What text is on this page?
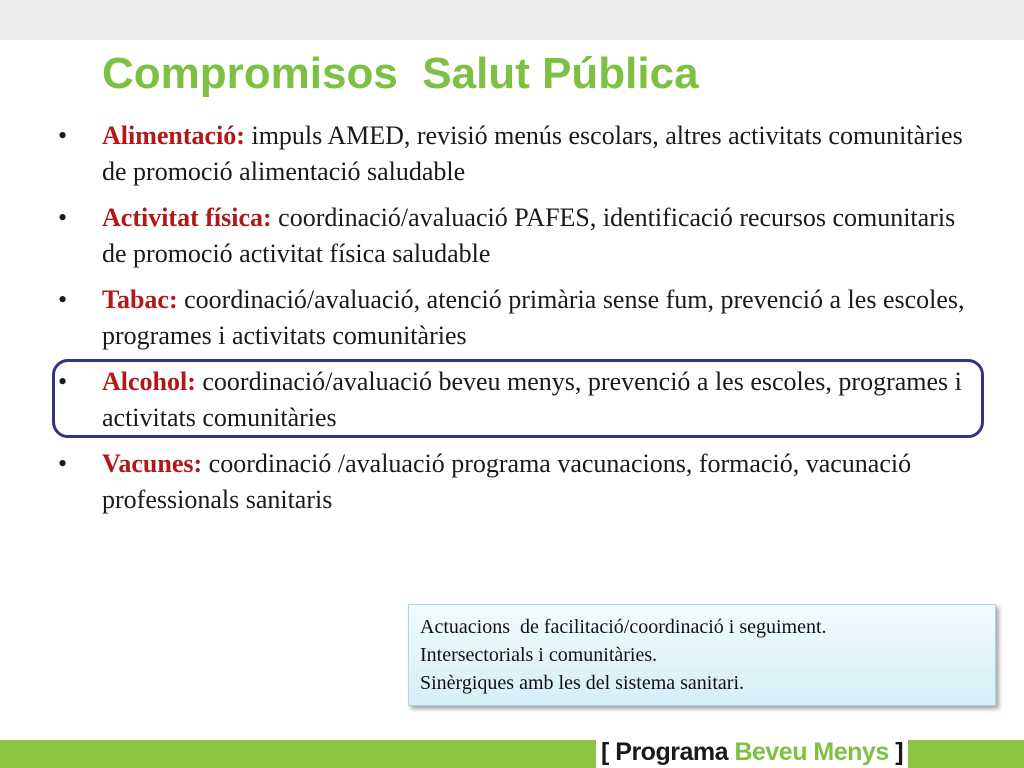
Compromisos  Salut Pública
• Alimentació: impuls AMED, revisió menús escolars, altres activitats comunitàries de promoció alimentació saludable
• Activitat física: coordinació/avaluació PAFES, identificació recursos comunitaris de promoció activitat física saludable
• Tabac: coordinació/avaluació, atenció primària sense fum, prevenció a les escoles, programes i activitats comunitàries
• Alcohol: coordinació/avaluació beveu menys, prevenció a les escoles, programes i activitats comunitàries
• Vacunes: coordinació /avaluació programa vacunacions, formació, vacunació professionals sanitaris
Actuacions  de facilitació/coordinació i seguiment.
Intersectorials i comunitàries.
Sinèrgiques amb les del sistema sanitari.
[ Programa Beveu Menys ]
